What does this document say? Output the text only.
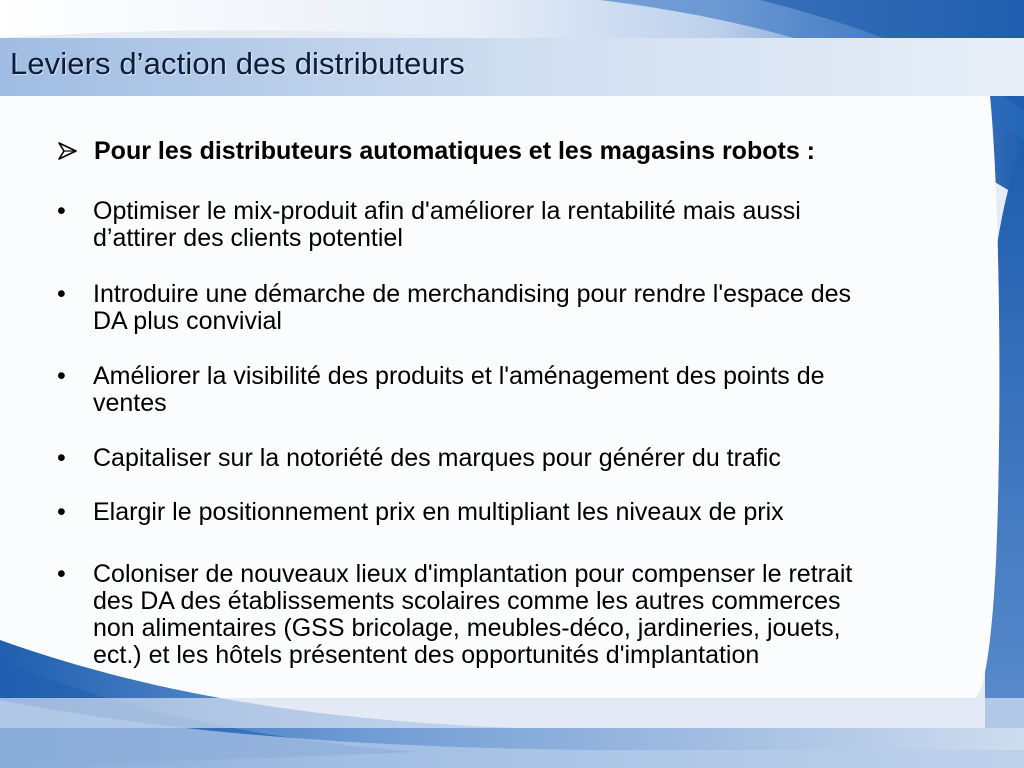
Leviers d’action des distributeurs
Pour les distributeurs automatiques et les magasins robots :
•	Optimiser le mix-produit afin d'améliorer la rentabilité mais aussi
d’attirer des clients potentiel
•	Introduire une démarche de merchandising pour rendre l'espace des
DA plus convivial
•	Améliorer la visibilité des produits et l'aménagement des points de
ventes
•	Capitaliser sur la notoriété des marques pour générer du trafic
•	Elargir le positionnement prix en multipliant les niveaux de prix
•	Coloniser de nouveaux lieux d'implantation pour compenser le retrait
des DA des établissements scolaires comme les autres commerces
non alimentaires (GSS bricolage, meubles-déco, jardineries, jouets,
ect.) et les hôtels présentent des opportunités d'implantation
